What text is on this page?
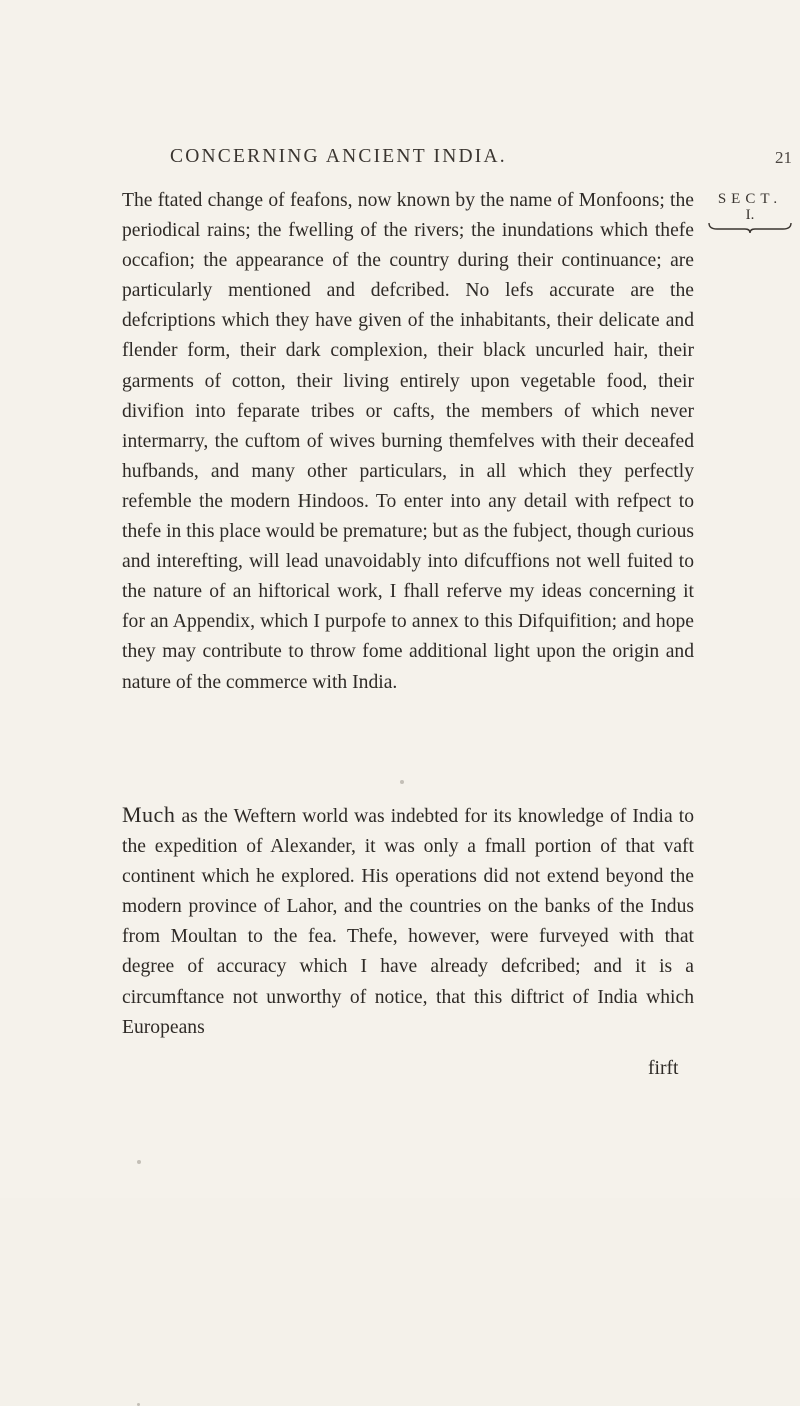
CONCERNING ANCIENT INDIA.	21
SECT.
I.

The ftated change of feafons, now known by the name of Monfoons; the periodical rains; the fwelling of the rivers; the inundations which thefe occafion; the appearance of the country during their continuance; are particularly mentioned and defcribed. No lefs accurate are the defcriptions which they have given of the inhabitants, their delicate and flender form, their dark complexion, their black uncurled hair, their garments of cotton, their living entirely upon vegetable food, their divifion into feparate tribes or cafts, the members of which never intermarry, the cuftom of wives burning themfelves with their deceafed hufbands, and many other particulars, in all which they perfectly refemble the modern Hindoos. To enter into any detail with refpect to thefe in this place would be premature; but as the fubject, though curious and interefting, will lead unavoidably into difcuffions not well fuited to the nature of an hiftorical work, I fhall referve my ideas concerning it for an Appendix, which I purpofe to annex to this Difquifition; and hope they may contribute to throw fome additional light upon the origin and nature of the commerce with India.

Much as the Weftern world was indebted for its knowledge of India to the expedition of Alexander, it was only a fmall portion of that vaft continent which he explored. His operations did not extend beyond the modern province of Lahor, and the countries on the banks of the Indus from Moultan to the fea. Thefe, however, were furveyed with that degree of accuracy which I have already defcribed; and it is a circumftance not unworthy of notice, that this diftrict of India which Europeans

firft
